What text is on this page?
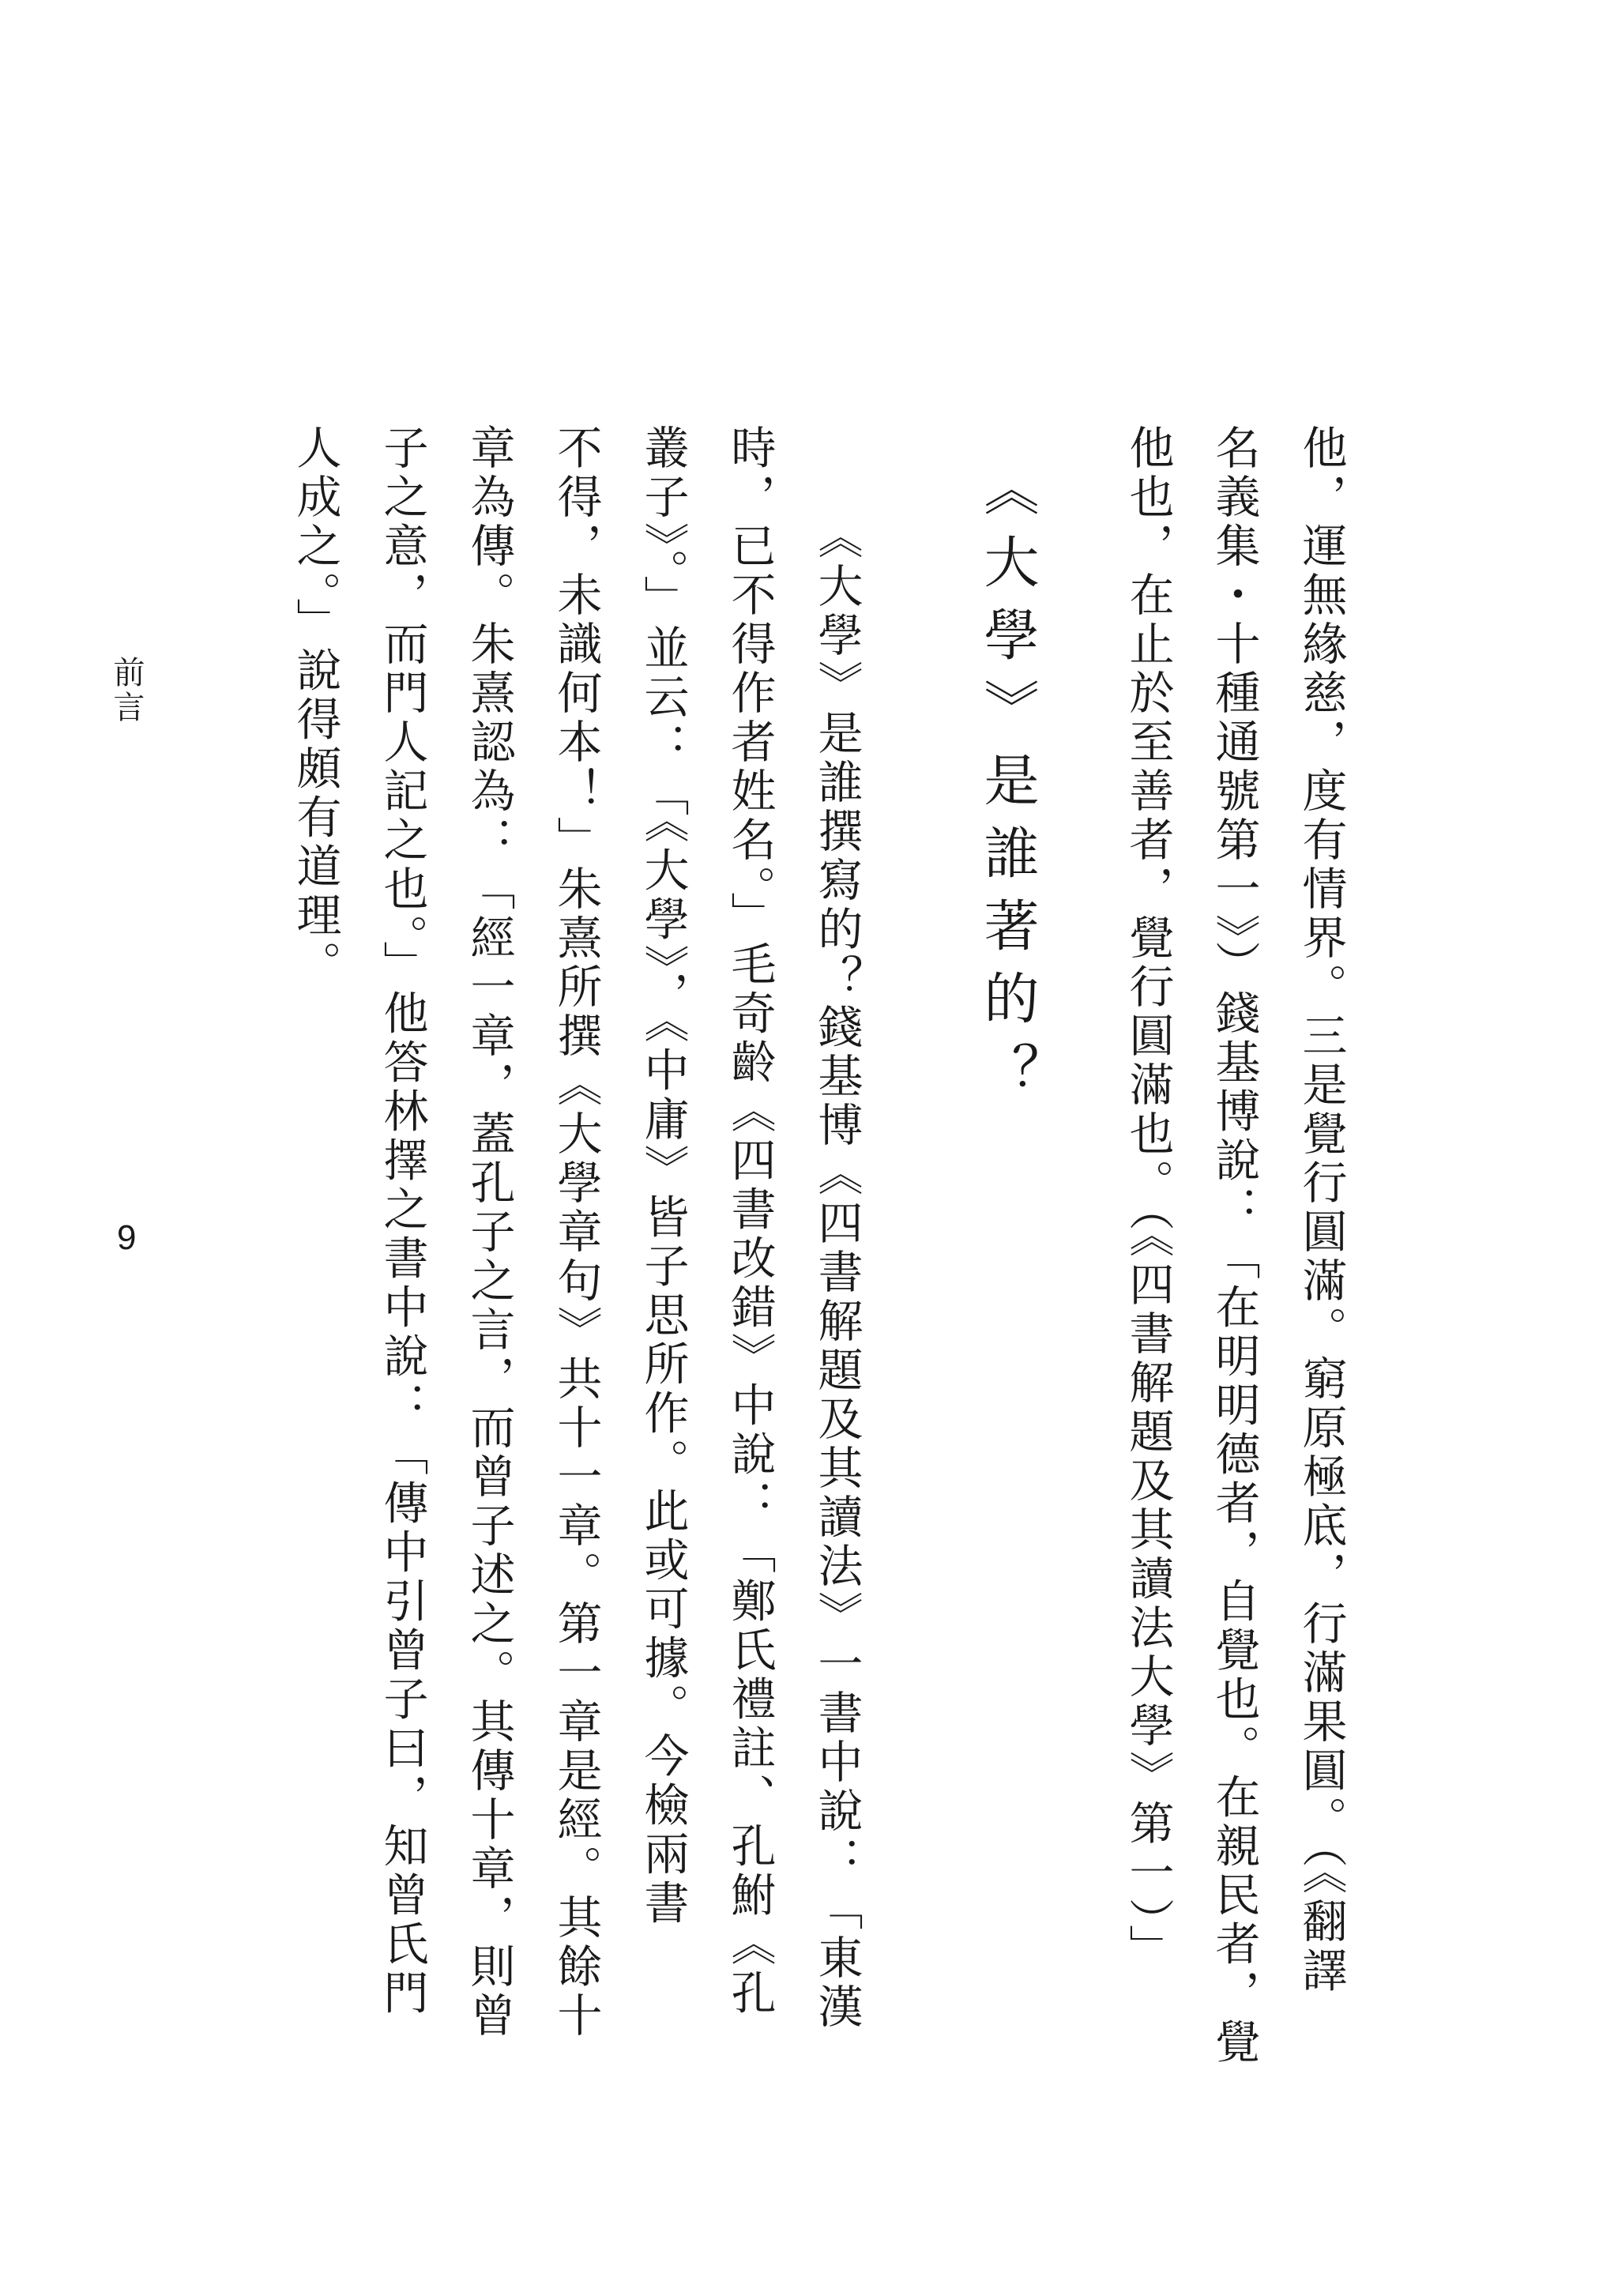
他，運無緣慈，度有情界。三是覺行圓滿。窮原極底，行滿果圓。（《翻譯
名義集・十種通號第一》）錢基博說：「在明明德者，自覺也。在親民者，覺
他也，在止於至善者，覺行圓滿也。（《四書解題及其讀法大學》第一）」
《大學》是誰著的？
《大學》是誰撰寫的？錢基博《四書解題及其讀法》一書中說：「東漢
時，已不得作者姓名。」毛奇齡《四書改錯》中說：「鄭氏禮註、孔鮒《孔
叢子》。」並云：「《大學》，《中庸》皆子思所作。此或可據。今檢兩書
不得，未識何本！」朱熹所撰《大學章句》共十一章。第一章是經。其餘十
章為傳。朱熹認為：「經一章，蓋孔子之言，而曾子述之。其傳十章，則曾
子之意，而門人記之也。」他答林擇之書中說：「傳中引曾子曰，知曾氏門
人成之。」說得頗有道理。
前言
9
